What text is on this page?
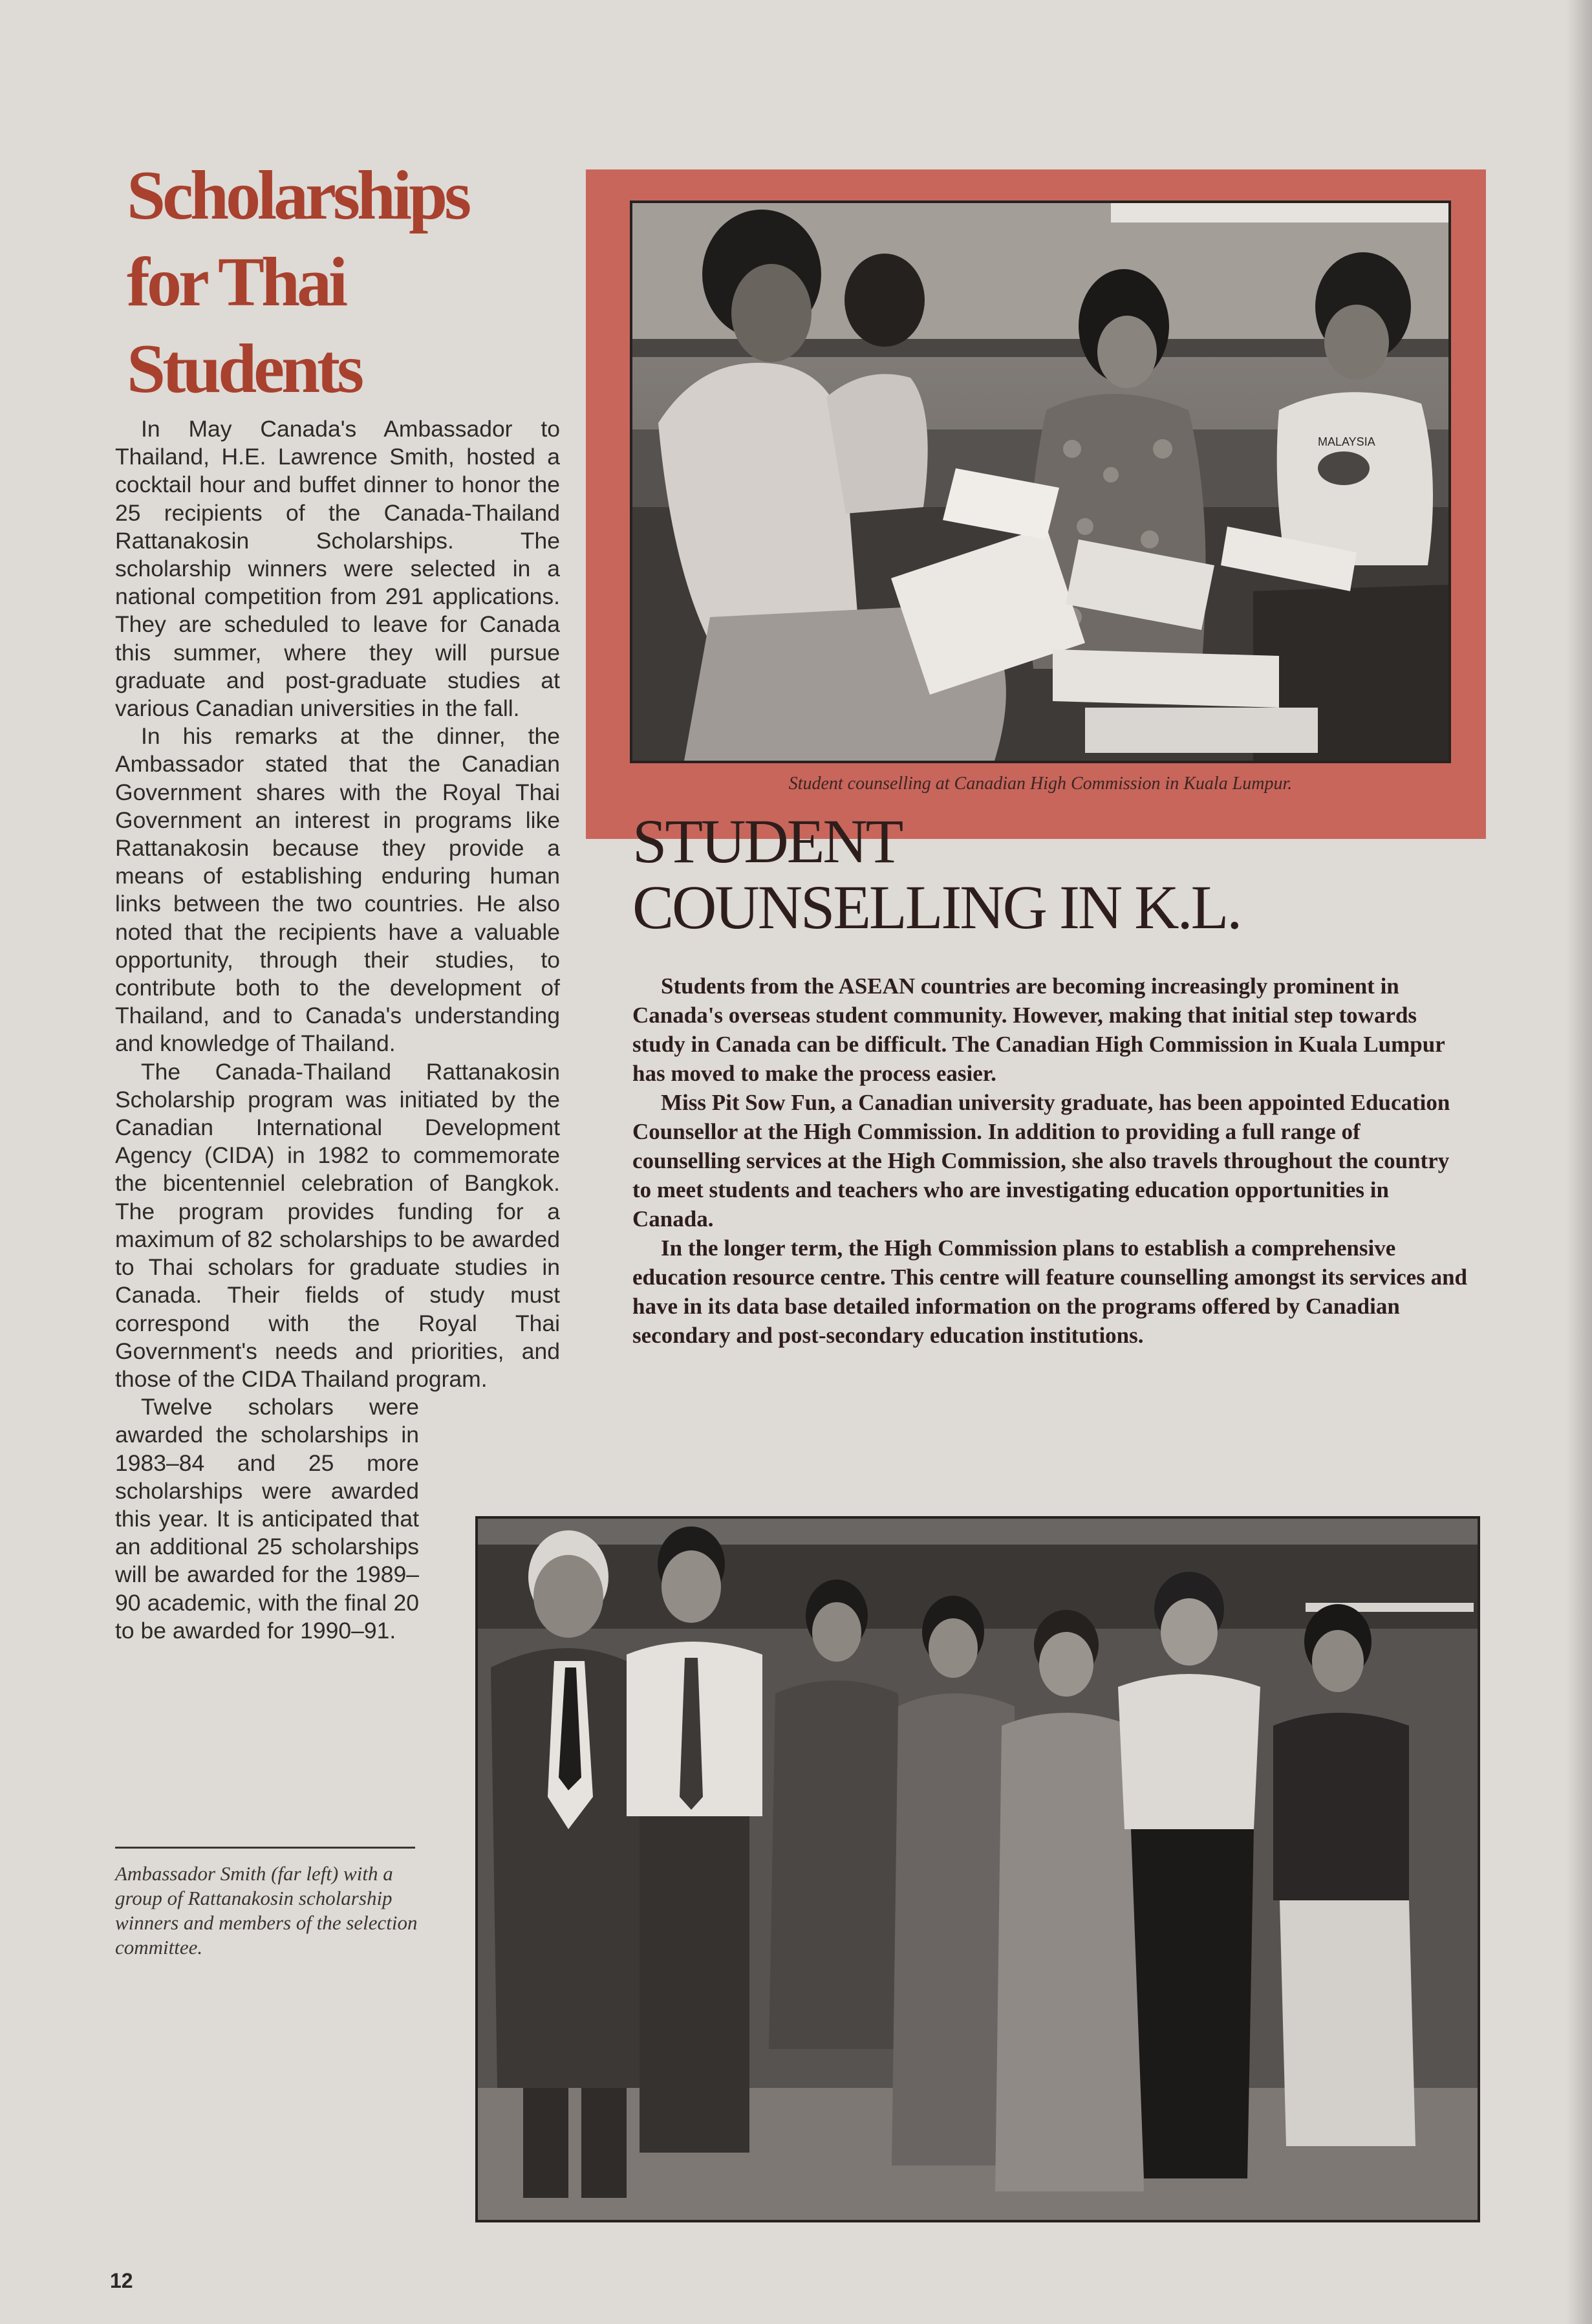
Scholarships for Thai Students

In May Canada's Ambassador to Thailand, H.E. Lawrence Smith, hosted a cocktail hour and buffet dinner to honor the 25 recipients of the Canada-Thailand Rattanakosin Scholarships. The scholarship winners were selected in a national competition from 291 applications. They are scheduled to leave for Canada this summer, where they will pursue graduate and post-graduate studies at various Canadian universities in the fall.

In his remarks at the dinner, the Ambassador stated that the Canadian Government shares with the Royal Thai Government an interest in programs like Rattanakosin because they provide a means of establishing enduring human links between the two countries. He also noted that the recipients have a valuable opportunity, through their studies, to contribute both to the development of Thailand, and to Canada's understanding and knowledge of Thailand.

The Canada-Thailand Rattanakosin Scholarship program was initiated by the Canadian International Development Agency (CIDA) in 1982 to commemorate the bicentenniel celebration of Bangkok. The program provides funding for a maximum of 82 scholarships to be awarded to Thai scholars for graduate studies in Canada. Their fields of study must correspond with the Royal Thai Government's needs and priorities, and those of the CIDA Thailand program.

Twelve scholars were awarded the scholarships in 1983–84 and 25 more scholarships were awarded this year. It is anticipated that an additional 25 scholarships will be awarded for the 1989–90 academic, with the final 20 to be awarded for 1990–91.

Ambassador Smith (far left) with a group of Rattanakosin scholarship winners and members of the selection committee.
MALAYSIA
Student counselling at Canadian High Commission in Kuala Lumpur.
STUDENT
COUNSELLING IN K.L.

Students from the ASEAN countries are becoming increasingly prominent in Canada's overseas student community. However, making that initial step towards study in Canada can be difficult. The Canadian High Commission in Kuala Lumpur has moved to make the process easier.

Miss Pit Sow Fun, a Canadian university graduate, has been appointed Education Counsellor at the High Commission. In addition to providing a full range of counselling services at the High Commission, she also travels throughout the country to meet students and teachers who are investigating education opportunities in Canada.

In the longer term, the High Commission plans to establish a comprehensive education resource centre. This centre will feature counselling amongst its services and have in its data base detailed information on the programs offered by Canadian secondary and post-secondary education institutions.

12
